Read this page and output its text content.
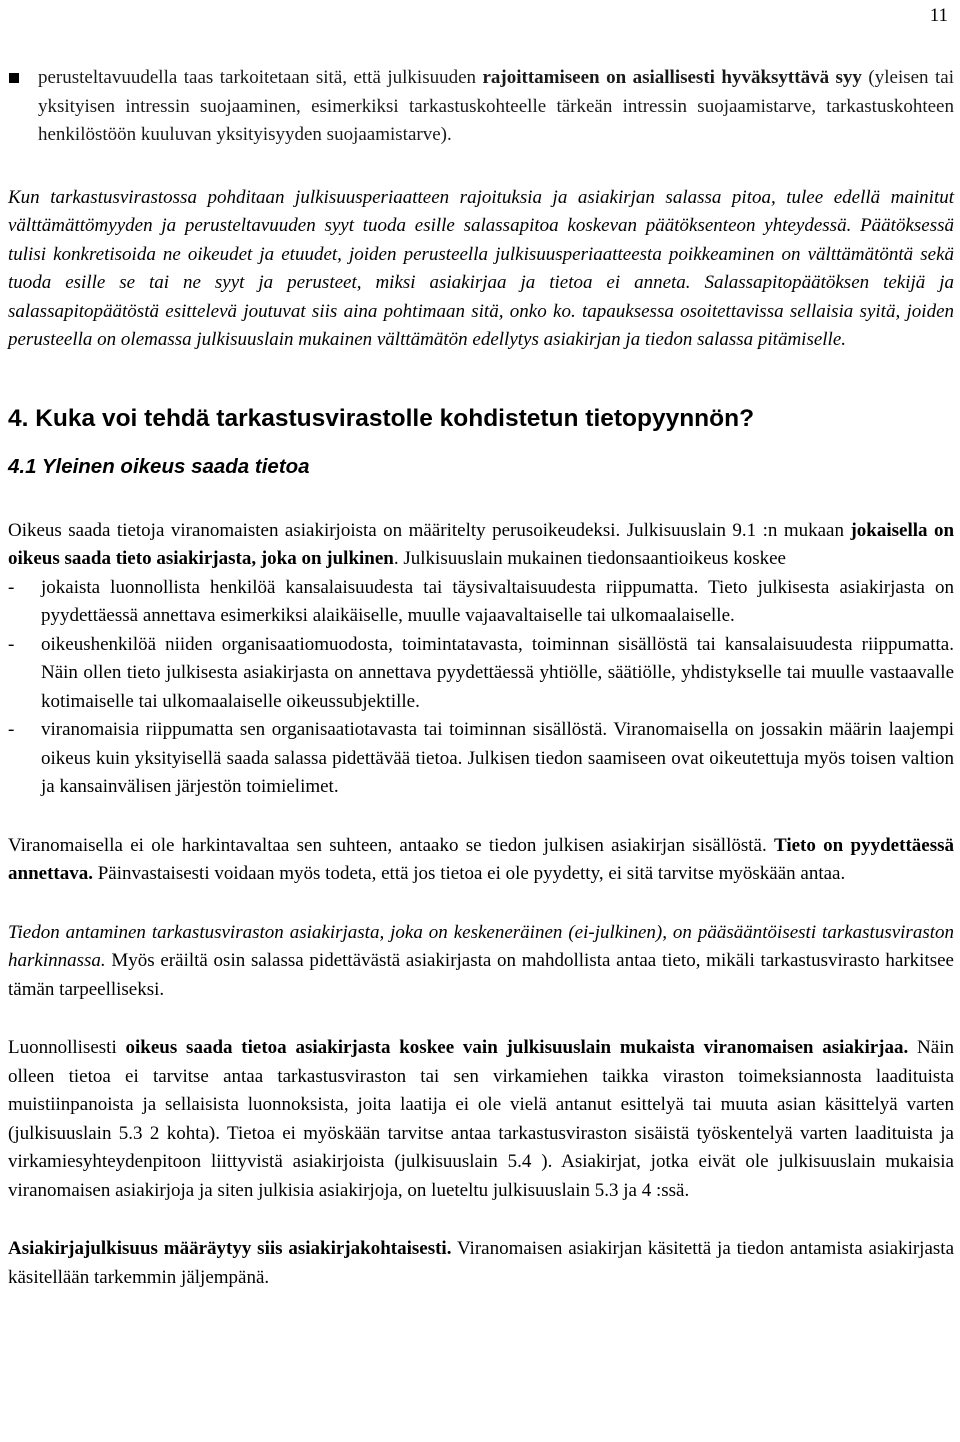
11
perusteltavuudella taas tarkoitetaan sitä, että julkisuuden rajoittamiseen on asiallisesti hyväksyttävä syy (yleisen tai yksityisen intressin suojaaminen, esimerkiksi tarkastuskohteelle tärkeän intressin suojaamistarve, tarkastuskohteen henkilöstöön kuuluvan yksityisyyden suojaamistarve).

Kun tarkastusvirastossa pohditaan julkisuusperiaatteen rajoituksia ja asiakirjan salassa pitoa, tulee edellä mainitut välttämättömyyden ja perusteltavuuden syyt tuoda esille salassapitoa koskevan päätöksenteon yhteydessä. Päätöksessä tulisi konkretisoida ne oikeudet ja etuudet, joiden perusteella julkisuusperiaatteesta poikkeaminen on välttämätöntä sekä tuoda esille se tai ne syyt ja perusteet, miksi asiakirjaa ja tietoa ei anneta. Salassapitopäätöksen tekijä ja salassapitopäätöstä esittelevä joutuvat siis aina pohtimaan sitä, onko ko. tapauksessa osoitettavissa sellaisia syitä, joiden perusteella on olemassa julkisuuslain mukainen välttämätön edellytys asiakirjan ja tiedon salassa pitämiselle.

4. Kuka voi tehdä tarkastusvirastolle kohdistetun tietopyynnön?
4.1 Yleinen oikeus saada tietoa

Oikeus saada tietoja viranomaisten asiakirjoista on määritelty perusoikeudeksi. Julkisuuslain 9.1 :n mukaan jokaisella on oikeus saada tieto asiakirjasta, joka on julkinen. Julkisuuslain mukainen tiedonsaantioikeus koskee

- jokaista luonnollista henkilöä kansalaisuudesta tai täysivaltaisuudesta riippumatta. Tieto julkisesta asiakirjasta on pyydettäessä annettava esimerkiksi alaikäiselle, muulle vajaavaltaiselle tai ulkomaalaiselle.
- oikeushenkilöä niiden organisaatiomuodosta, toimintatavasta, toiminnan sisällöstä tai kansalaisuudesta riippumatta. Näin ollen tieto julkisesta asiakirjasta on annettava pyydettäessä yhtiölle, säätiölle, yhdistykselle tai muulle vastaavalle kotimaiselle tai ulkomaalaiselle oikeussubjektille.
- viranomaisia riippumatta sen organisaatiotavasta tai toiminnan sisällöstä. Viranomaisella on jossakin määrin laajempi oikeus kuin yksityisellä saada salassa pidettävää tietoa. Julkisen tiedon saamiseen ovat oikeutettuja myös toisen valtion ja kansainvälisen järjestön toimielimet.

Viranomaisella ei ole harkintavaltaa sen suhteen, antaako se tiedon julkisen asiakirjan sisällöstä. Tieto on pyydettäessä annettava. Päinvastaisesti voidaan myös todeta, että jos tietoa ei ole pyydetty, ei sitä tarvitse myöskään antaa.

Tiedon antaminen tarkastusviraston asiakirjasta, joka on keskeneräinen (ei-julkinen), on pääsääntöisesti tarkastusviraston harkinnassa. Myös eräiltä osin salassa pidettävästä asiakirjasta on mahdollista antaa tieto, mikäli tarkastusvirasto harkitsee tämän tarpeelliseksi.

Luonnollisesti oikeus saada tietoa asiakirjasta koskee vain julkisuuslain mukaista viranomaisen asiakirjaa. Näin olleen tietoa ei tarvitse antaa tarkastusviraston tai sen virkamiehen taikka viraston toimeksiannosta laadituista muistiinpanoista ja sellaisista luonnoksista, joita laatija ei ole vielä antanut esittelyä tai muuta asian käsittelyä varten (julkisuuslain 5.3 2 kohta). Tietoa ei myöskään tarvitse antaa tarkastusviraston sisäistä työskentelyä varten laadituista ja virkamiesyhteydenpitoon liittyvistä asiakirjoista (julkisuuslain 5.4 ). Asiakirjat, jotka eivät ole julkisuuslain mukaisia viranomaisen asiakirjoja ja siten julkisia asiakirjoja, on lueteltu julkisuuslain 5.3 ja 4 :ssä.

Asiakirjajulkisuus määräytyy siis asiakirjakohtaisesti. Viranomaisen asiakirjan käsitettä ja tiedon antamista asiakirjasta käsitellään tarkemmin jäljempänä.
